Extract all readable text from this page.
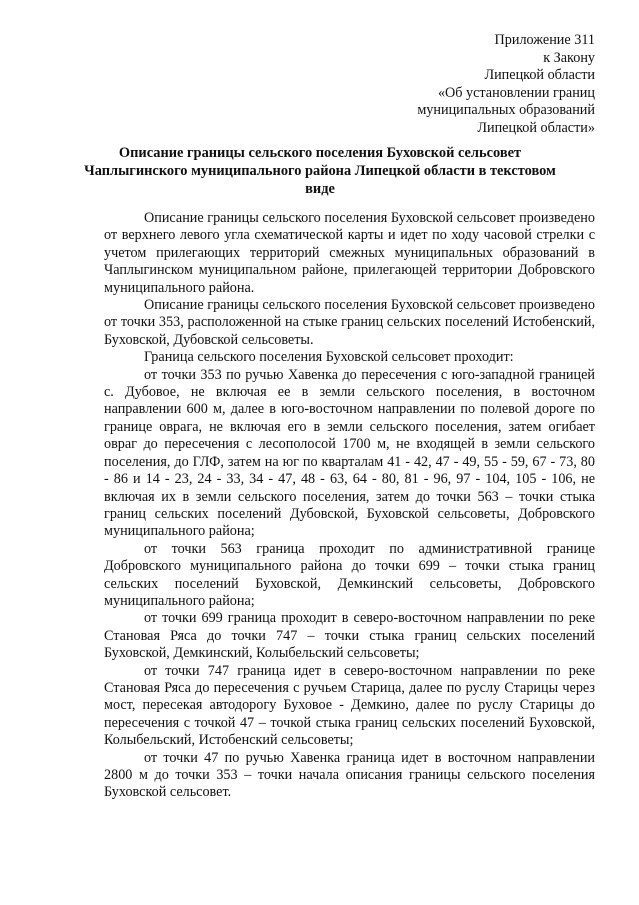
Приложение 311
к Закону
Липецкой области
«Об установлении границ
муниципальных образований
Липецкой области»
Описание границы сельского поселения Буховской сельсовет
Чаплыгинского муниципального района Липецкой области в текстовом
виде

Описание границы сельского поселения Буховской сельсовет произведено от верхнего левого угла схематической карты и идет по ходу часовой стрелки с учетом прилегающих территорий смежных муниципальных образований в Чаплыгинском муниципальном районе, прилегающей территории Добровского муниципального района.

Описание границы сельского поселения Буховской сельсовет произведено от точки 353, расположенной на стыке границ сельских поселений Истобенский, Буховской, Дубовской сельсоветы.

Граница сельского поселения Буховской сельсовет проходит:

от точки 353 по ручью Хавенка до пересечения с юго-западной границей с. Дубовое, не включая ее в земли сельского поселения, в восточном направлении 600 м, далее в юго-восточном направлении по полевой дороге по границе оврага, не включая его в земли сельского поселения, затем огибает овраг до пересечения с лесополосой 1700 м, не входящей в земли сельского поселения, до ГЛФ, затем на юг по кварталам 41 - 42, 47 - 49, 55 - 59, 67 - 73, 80 - 86 и 14 - 23, 24 - 33, 34 - 47, 48 - 63, 64 - 80, 81 - 96, 97 - 104, 105 - 106, не включая их в земли сельского поселения, затем до точки 563 – точки стыка границ сельских поселений Дубовской, Буховской сельсоветы, Добровского муниципального района;

от точки 563 граница проходит по административной границе Добровского муниципального района до точки 699 – точки стыка границ сельских поселений Буховской, Демкинский сельсоветы, Добровского муниципального района;

от точки 699 граница проходит в северо-восточном направлении по реке Становая Ряса до точки 747 – точки стыка границ сельских поселений Буховской, Демкинский, Колыбельский сельсоветы;

от точки 747 граница идет в северо-восточном направлении по реке Становая Ряса до пересечения с ручьем Старица, далее по руслу Старицы через мост, пересекая автодорогу Буховое - Демкино, далее по руслу Старицы до пересечения с точкой 47 – точкой стыка границ сельских поселений Буховской, Колыбельский, Истобенский сельсоветы;

от точки 47 по ручью Хавенка граница идет в восточном направлении 2800 м до точки 353 – точки начала описания границы сельского поселения Буховской сельсовет.
